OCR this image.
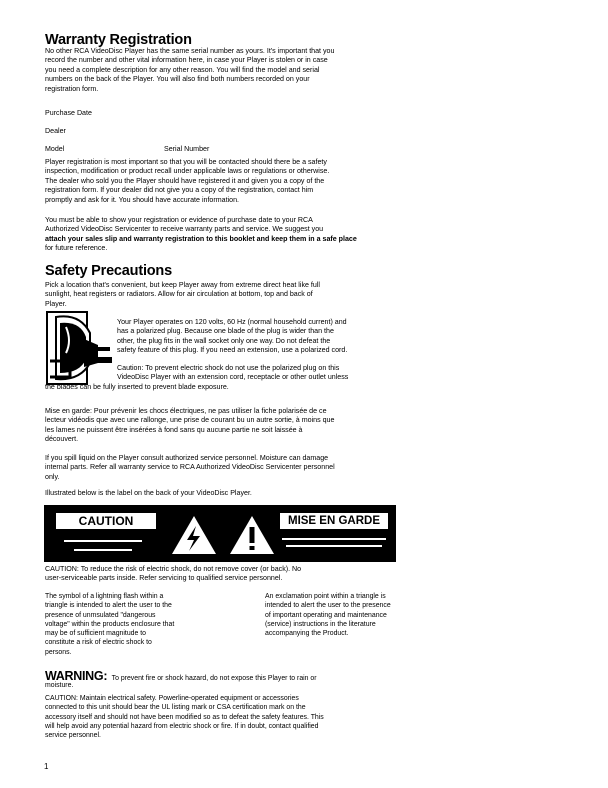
Warranty Registration
No other RCA VideoDisc Player has the same serial number as yours. It's important that you
record the number and other vital information here, in case your Player is stolen or in case
you need a complete description for any other reason. You will find the model and serial
numbers on the back of the Player. You will also find both numbers recorded on your
registration form.
Purchase Date
Dealer
Model	Serial Number
Player registration is most important so that you will be contacted should there be a safety
inspection, modification or product recall under applicable laws or regulations or otherwise.
The dealer who sold you the Player should have registered it and given you a copy of the
registration form. If your dealer did not give you a copy of the registration, contact him
promptly and ask for it. You should have accurate information.
You must be able to show your registration or evidence of purchase date to your RCA
Authorized VideoDisc Servicenter to receive warranty parts and service. We suggest you
attach your sales slip and warranty registration to this booklet and keep them in a safe place
for future reference.
Safety Precautions
Pick a location that's convenient, but keep Player away from extreme direct heat like full
sunlight, heat registers or radiators. Allow for air circulation at bottom, top and back of
Player.
Your Player operates on 120 volts, 60 Hz (normal household current) and
has a polarized plug. Because one blade of the plug is wider than the
other, the plug fits in the wall socket only one way. Do not defeat the
safety feature of this plug. If you need an extension, use a polarized cord.
Caution: To prevent electric shock do not use the polarized plug on this
VideoDisc Player with an extension cord, receptacle or other outlet unless
the blades can be fully inserted to prevent blade exposure.
Mise en garde: Pour prévenir les chocs électriques, ne pas utiliser la fiche polarisée de ce
lecteur vidéodis que avec une rallonge, une prise de courant bu un autre sortie, à moins que
les lames ne puissent être insérées à fond sans qu aucune partie ne soit laissée à
découvert.
If you spill liquid on the Player consult authorized service personnel. Moisture can damage
internal parts. Refer all warranty service to RCA Authorized VideoDisc Servicenter personnel
only.
Illustrated below is the label on the back of your VideoDisc Player.
CAUTION	MISE EN GARDE
CAUTION: To reduce the risk of electric shock, do not remove cover (or back). No
user-serviceable parts inside. Refer servicing to qualified service personnel.
The symbol of a lightning flash within a
triangle is intended to alert the user to the
presence of unmsulated "dangerous
voltage" within the products enclosure that
may be of sufficient magnitude to
constitute a risk of electric shock to
persons.
An exclamation point within a triangle is
intended to alert the user to the presence
of important operating and maintenance
(service) instructions in the literature
accompanying the Product.
WARNING: To prevent fire or shock hazard, do not expose this Player to rain or
moisture.
CAUTION: Maintain electrical safety. Powerline-operated equipment or accessories
connected to this unit should bear the UL listing mark or CSA certification mark on the
accessory itself and should not have been modified so as to defeat the safety features. This
will help avoid any potential hazard from electric shock or fire. If in doubt, contact qualified
service personnel.
1
